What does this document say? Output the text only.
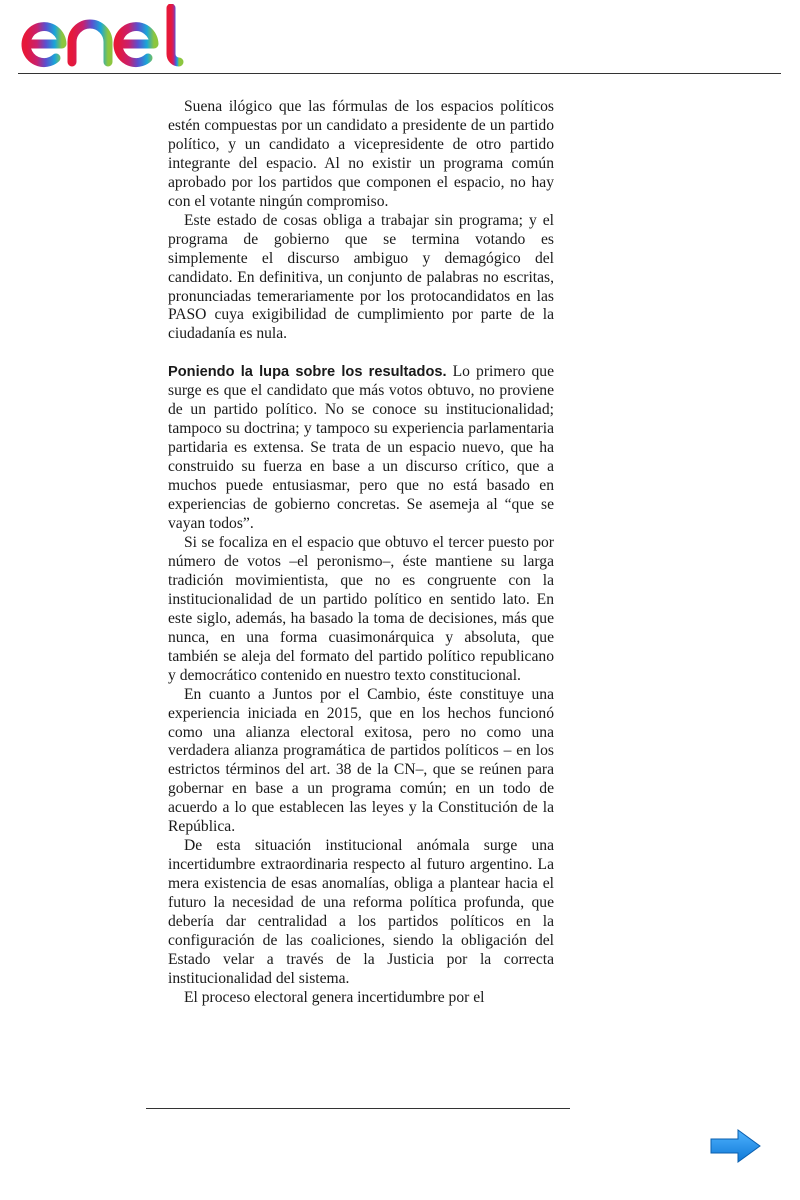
Suena ilógico que las fórmulas de los espacios políticos estén compuestas por un candidato a presidente de un partido político, y un candidato a vicepresidente de otro partido integrante del espacio. Al no existir un programa común aprobado por los partidos que componen el espacio, no hay con el votante ningún compromiso.

Este estado de cosas obliga a trabajar sin programa; y el programa de gobierno que se termina votando es simplemente el discurso ambiguo y demagógico del candidato. En definitiva, un conjunto de palabras no escritas, pronunciadas temerariamente por los protocandidatos en las PASO cuya exigibilidad de cumplimiento por parte de la ciudadanía es nula.

Poniendo la lupa sobre los resultados. Lo primero que surge es que el candidato que más votos obtuvo, no proviene de un partido político. No se conoce su institucionalidad; tampoco su doctrina; y tampoco su experiencia parlamentaria partidaria es extensa. Se trata de un espacio nuevo, que ha construido su fuerza en base a un discurso crítico, que a muchos puede entusiasmar, pero que no está basado en experiencias de gobierno concretas. Se asemeja al “que se vayan todos”.

Si se focaliza en el espacio que obtuvo el tercer puesto por número de votos –el peronismo–, éste mantiene su larga tradición movimientista, que no es congruente con la institucionalidad de un partido político en sentido lato. En este siglo, además, ha basado la toma de decisiones, más que nunca, en una forma cuasimonárquica y absoluta, que también se aleja del formato del partido político republicano y democrático contenido en nuestro texto constitucional.

En cuanto a Juntos por el Cambio, éste constituye una experiencia iniciada en 2015, que en los hechos funcionó como una alianza electoral exitosa, pero no como una verdadera alianza programática de partidos políticos – en los estrictos términos del art. 38 de la CN–, que se reúnen para gobernar en base a un programa común; en un todo de acuerdo a lo que establecen las leyes y la Constitución de la República.

De esta situación institucional anómala surge una incertidumbre extraordinaria respecto al futuro argentino. La mera existencia de esas anomalías, obliga a plantear hacia el futuro la necesidad de una reforma política profunda, que debería dar centralidad a los partidos políticos en la configuración de las coaliciones, siendo la obligación del Estado velar a través de la Justicia por la correcta institucionalidad del sistema.

El proceso electoral genera incertidumbre por el
